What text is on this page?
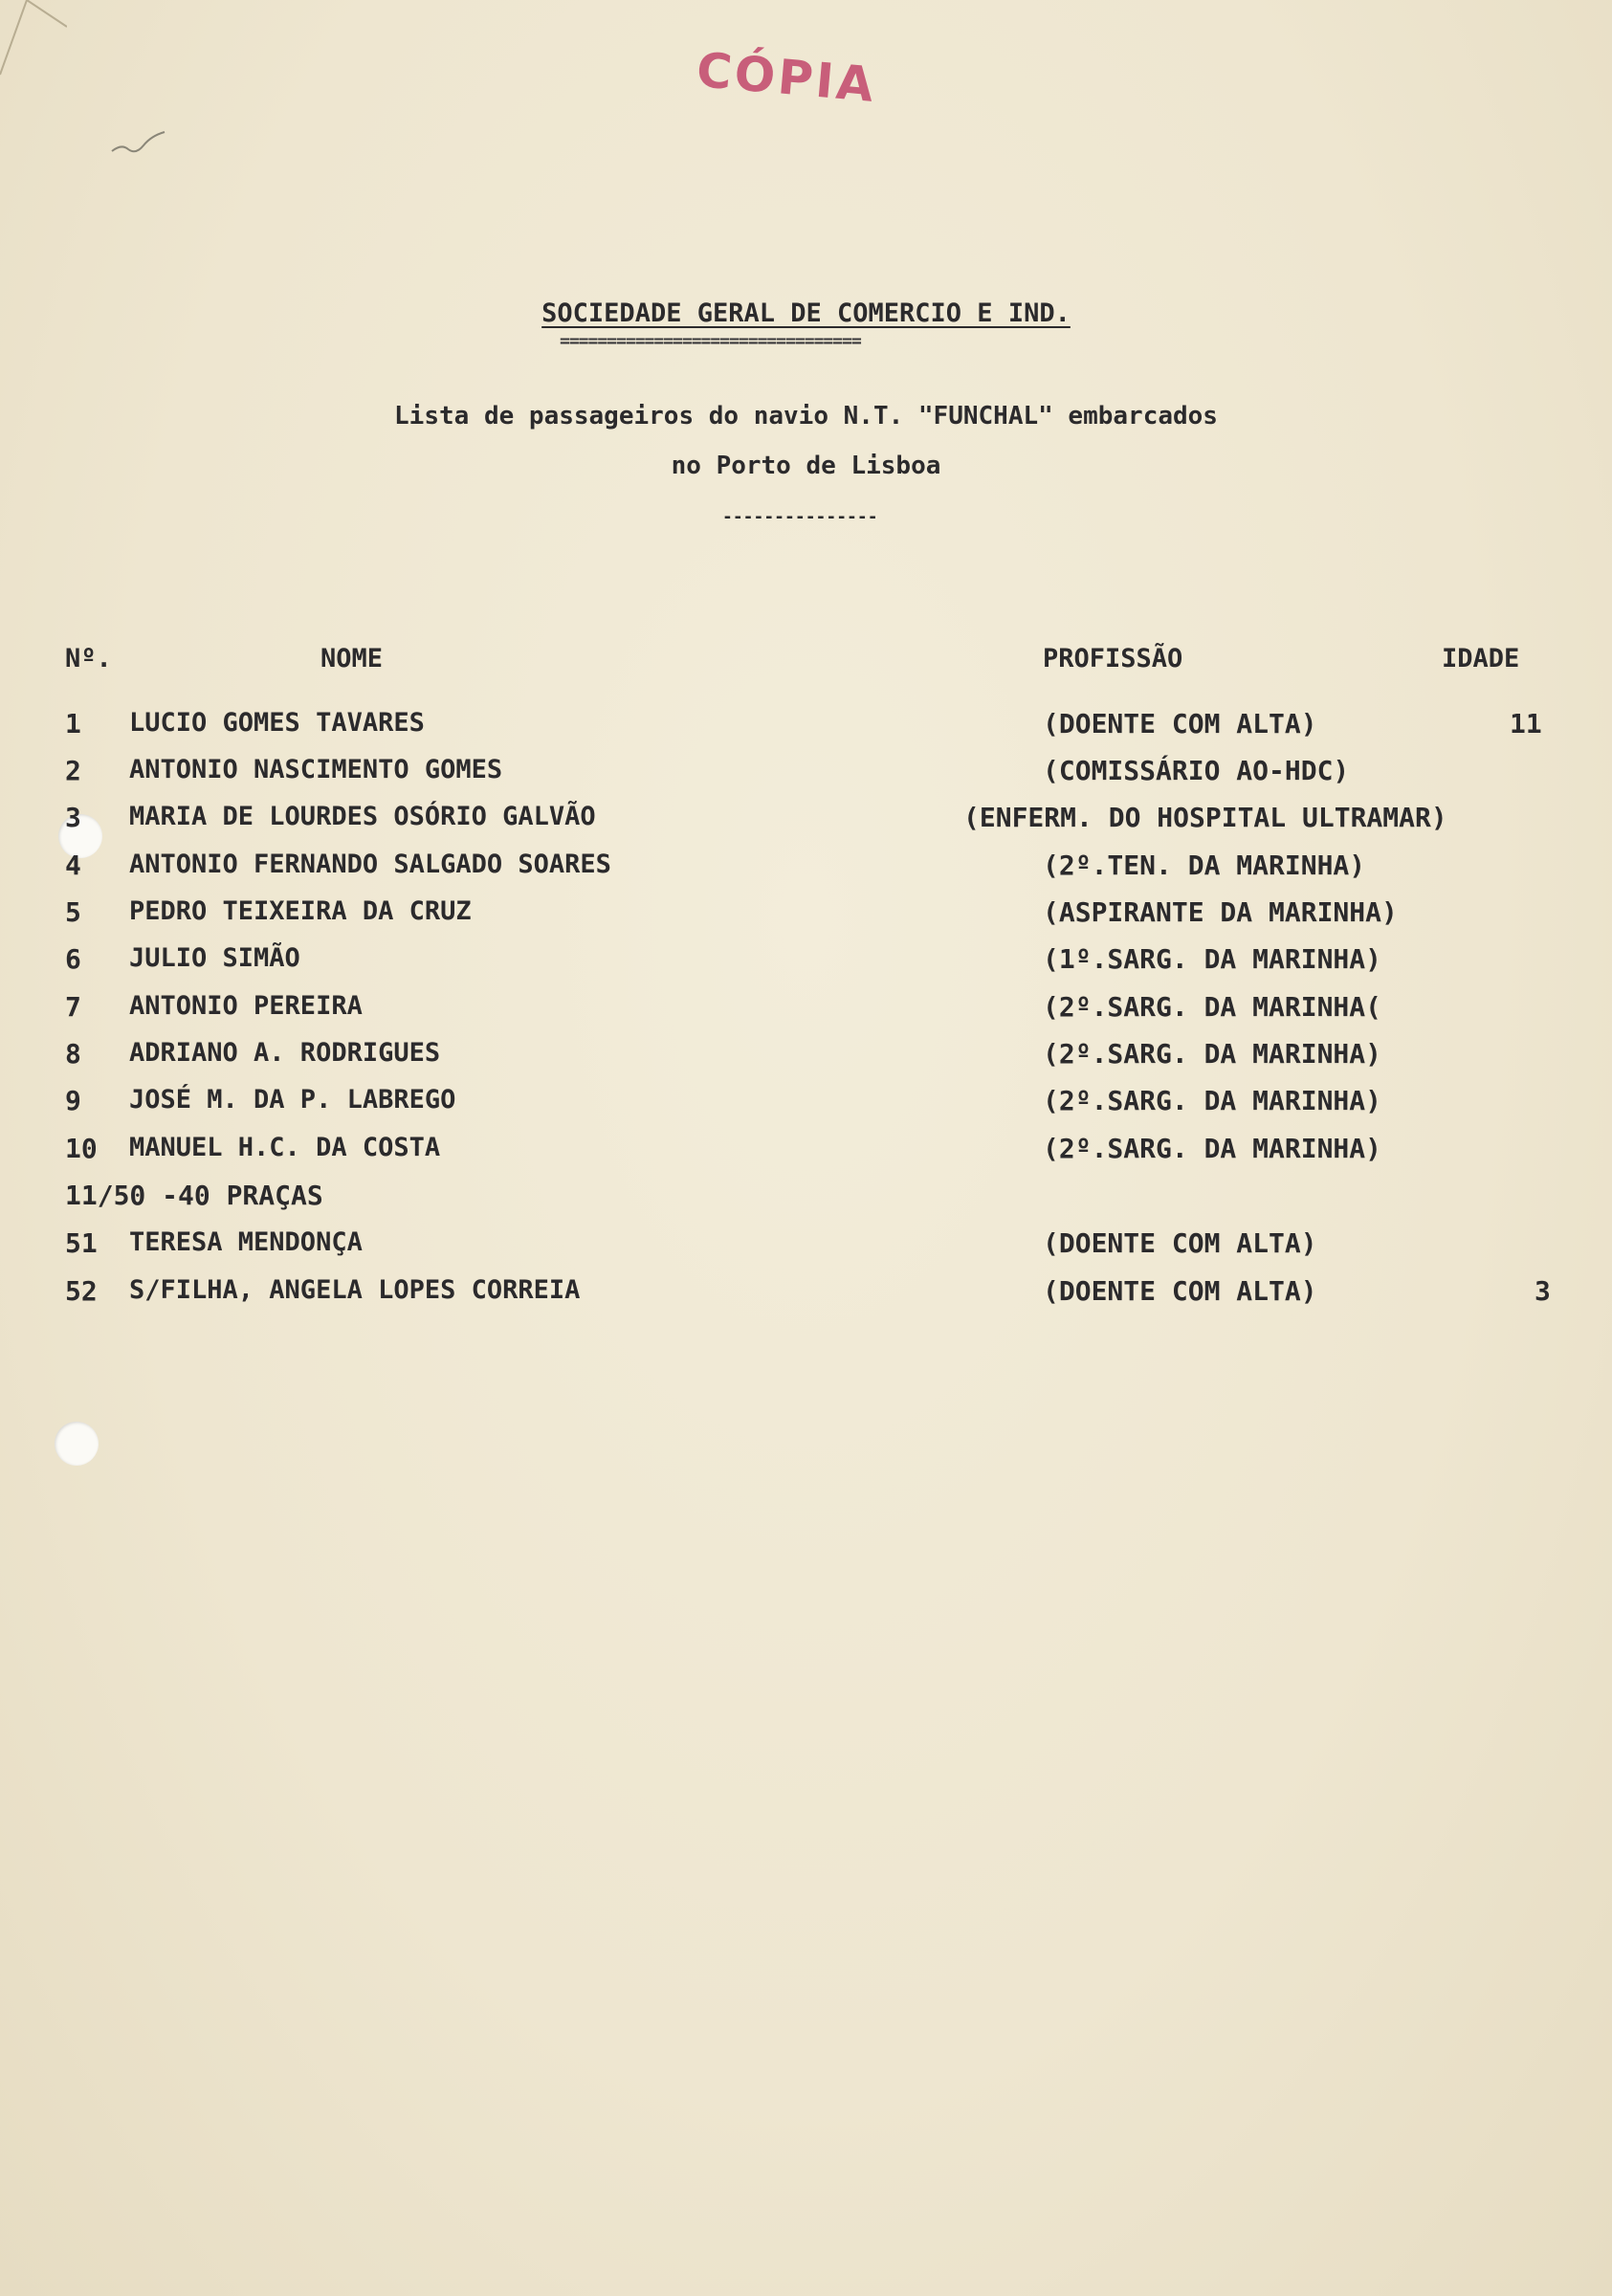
CÓPIA
SOCIEDADE GERAL DE COMERCIO E IND.
================================
Lista de passageiros do navio N.T. "FUNCHAL" embarcados
no Porto de Lisboa
---------------
Nº.	NOME	PROFISSÃO	IDADE
1 LUCIO GOMES TAVARES	(DOENTE COM ALTA)	11
2 ANTONIO NASCIMENTO GOMES	(COMISSÁRIO AO-HDC)
3 MARIA DE LOURDES OSÓRIO GALVÃO	(ENFERM. DO HOSPITAL ULTRAMAR)
4 ANTONIO FERNANDO SALGADO SOARES	(2º.TEN. DA MARINHA)
5 PEDRO TEIXEIRA DA CRUZ	(ASPIRANTE DA MARINHA)
6 JULIO SIMÃO	(1º.SARG. DA MARINHA)
7 ANTONIO PEREIRA	(2º.SARG. DA MARINHA(
8 ADRIANO A. RODRIGUES	(2º.SARG. DA MARINHA)
9 JOSÉ M. DA P. LABREGO	(2º.SARG. DA MARINHA)
10 MANUEL H.C. DA COSTA	(2º.SARG. DA MARINHA)
11/50 -40 PRAÇAS
51 TERESA MENDONÇA	(DOENTE COM ALTA)
52 S/FILHA, ANGELA LOPES CORREIA	(DOENTE COM ALTA)	3
